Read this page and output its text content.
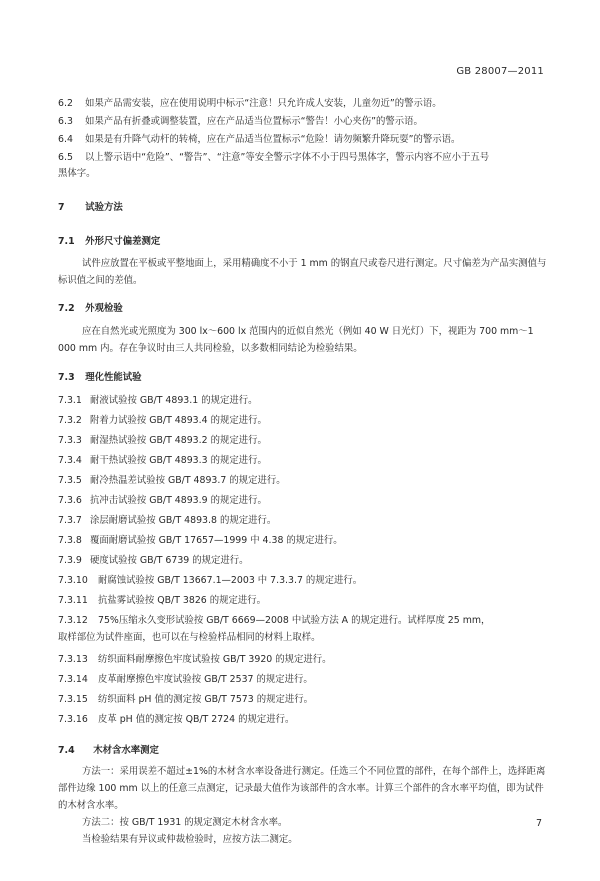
GB 28007—2011
6.2 如果产品需安装，应在使用说明中标示“注意！只允许成人安装，儿童勿近”的警示语。
6.3 如果产品有折叠或调整装置，应在产品适当位置标示“警告！小心夹伤”的警示语。
6.4 如果是有升降气动杆的转椅，应在产品适当位置标示“危险！请勿频繁升降玩耍”的警示语。
6.5 以上警示语中“危险”、“警告”、“注意”等安全警示字体不小于四号黑体字，警示内容不应小于五号
黑体字。
7 试验方法
7.1 外形尺寸偏差测定
试件应放置在平板或平整地面上，采用精确度不小于 1 mm 的钢直尺或卷尺进行测定。尺寸偏差为产品实测值与标识值之间的差值。
7.2 外观检验
应在自然光或光照度为 300 lx～600 lx 范围内的近似自然光（例如 40 W 日光灯）下，视距为 700 mm～1 000 mm 内。存在争议时由三人共同检验，以多数相同结论为检验结果。
7.3 理化性能试验
7.3.1 耐液试验按 GB/T 4893.1 的规定进行。
7.3.2 附着力试验按 GB/T 4893.4 的规定进行。
7.3.3 耐湿热试验按 GB/T 4893.2 的规定进行。
7.3.4 耐干热试验按 GB/T 4893.3 的规定进行。
7.3.5 耐冷热温差试验按 GB/T 4893.7 的规定进行。
7.3.6 抗冲击试验按 GB/T 4893.9 的规定进行。
7.3.7 涂层耐磨试验按 GB/T 4893.8 的规定进行。
7.3.8 覆面耐磨试验按 GB/T 17657—1999 中 4.38 的规定进行。
7.3.9 硬度试验按 GB/T 6739 的规定进行。
7.3.10 耐腐蚀试验按 GB/T 13667.1—2003 中 7.3.3.7 的规定进行。
7.3.11 抗盐雾试验按 QB/T 3826 的规定进行。
7.3.12 75%压缩永久变形试验按 GB/T 6669—2008 中试验方法 A 的规定进行。试样厚度 25 mm，
取样部位为试件座面，也可以在与检验样品相同的材料上取样。
7.3.13 纺织面料耐摩擦色牢度试验按 GB/T 3920 的规定进行。
7.3.14 皮革耐摩擦色牢度试验按 GB/T 2537 的规定进行。
7.3.15 纺织面料 pH 值的测定按 GB/T 7573 的规定进行。
7.3.16 皮革 pH 值的测定按 QB/T 2724 的规定进行。
7.4 木材含水率测定
方法一：采用误差不超过±1%的木材含水率设备进行测定。任选三个不同位置的部件，在每个部件上，选择距离部件边缘 100 mm 以上的任意三点测定，记录最大值作为该部件的含水率。计算三个部件的含水率平均值，即为试件的木材含水率。
方法二：按 GB/T 1931 的规定测定木材含水率。
当检验结果有异议或仲裁检验时，应按方法二测定。
7
